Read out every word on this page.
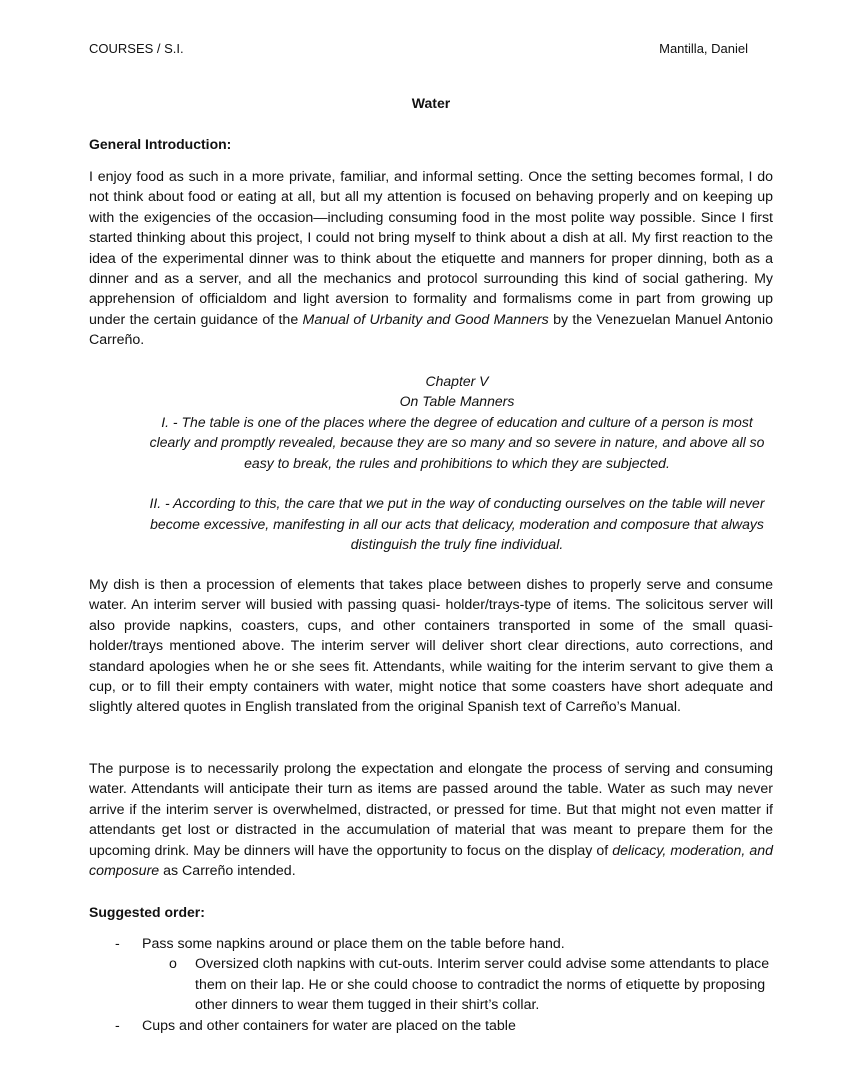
COURSES / S.I.	Mantilla, Daniel
Water
General Introduction:

I enjoy food as such in a more private, familiar, and informal setting. Once the setting becomes formal, I do not think about food or eating at all, but all my attention is focused on behaving properly and on keeping up with the exigencies of the occasion—including consuming food in the most polite way possible. Since I first started thinking about this project, I could not bring myself to think about a dish at all. My first reaction to the idea of the experimental dinner was to think about the etiquette and manners for proper dinning, both as a dinner and as a server, and all the mechanics and protocol surrounding this kind of social gathering. My apprehension of officialdom and light aversion to formality and formalisms come in part from growing up under the certain guidance of the Manual of Urbanity and Good Manners by the Venezuelan Manuel Antonio Carreño.

Chapter V

On Table Manners

I. - The table is one of the places where the degree of education and culture of a person is most clearly and promptly revealed, because they are so many and so severe in nature, and above all so easy to break, the rules and prohibitions to which they are subjected.

II. - According to this, the care that we put in the way of conducting ourselves on the table will never become excessive, manifesting in all our acts that delicacy, moderation and composure that always distinguish the truly fine individual.

My dish is then a procession of elements that takes place between dishes to properly serve and consume water. An interim server will busied with passing quasi- holder/trays-type of items. The solicitous server will also provide napkins, coasters, cups, and other containers transported in some of the small quasi-holder/trays mentioned above. The interim server will deliver short clear directions, auto corrections, and standard apologies when he or she sees fit. Attendants, while waiting for the interim servant to give them a cup, or to fill their empty containers with water, might notice that some coasters have short adequate and slightly altered quotes in English translated from the original Spanish text of Carreño’s Manual.

The purpose is to necessarily prolong the expectation and elongate the process of serving and consuming water. Attendants will anticipate their turn as items are passed around the table. Water as such may never arrive if the interim server is overwhelmed, distracted, or pressed for time. But that might not even matter if attendants get lost or distracted in the accumulation of material that was meant to prepare them for the upcoming drink. May be dinners will have the opportunity to focus on the display of delicacy, moderation, and composure as Carreño intended.

Suggested order:
- Pass some napkins around or place them on the table before hand.
o Oversized cloth napkins with cut-outs. Interim server could advise some attendants to place them on their lap. He or she could choose to contradict the norms of etiquette by proposing other dinners to wear them tugged in their shirt’s collar.
- Cups and other containers for water are placed on the table
